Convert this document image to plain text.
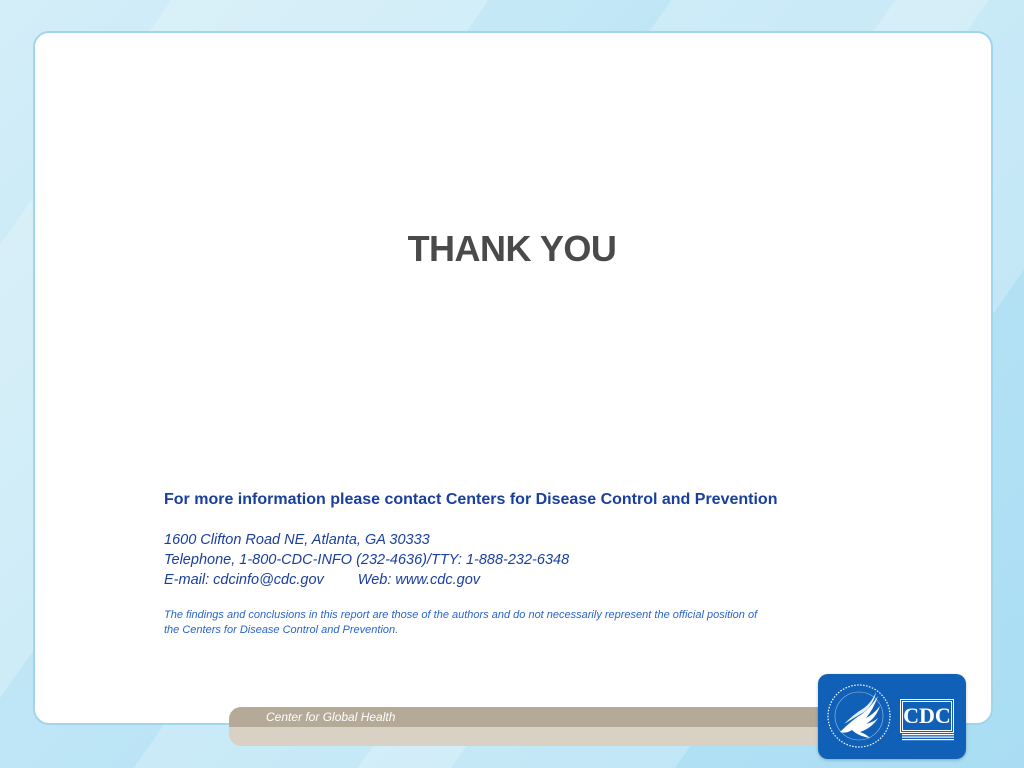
THANK YOU
For more information please contact Centers for Disease Control and Prevention
1600 Clifton Road NE, Atlanta, GA 30333
Telephone, 1-800-CDC-INFO (232-4636)/TTY: 1-888-232-6348
E-mail: cdcinfo@cdc.gov Web: www.cdc.gov
The findings and conclusions in this report are those of the authors and do not necessarily represent the official position of
the Centers for Disease Control and Prevention.
Center for Global Health	CDC
